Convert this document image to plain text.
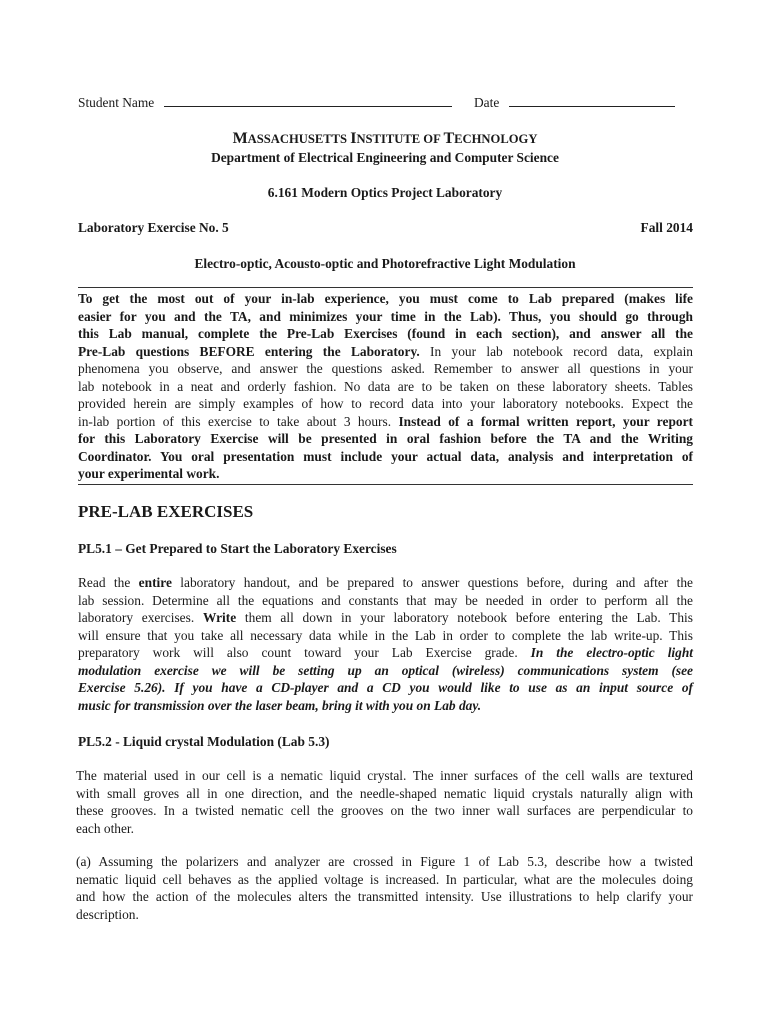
Student Name	Date
MASSACHUSETTS INSTITUTE OF TECHNOLOGY
Department of Electrical Engineering and Computer Science
6.161 Modern Optics Project Laboratory
Laboratory Exercise No. 5	Fall 2014
Electro-optic, Acousto-optic and Photorefractive Light Modulation
To get the most out of your in-lab experience, you must come to Lab prepared (makes life
easier for you and the TA, and minimizes your time in the Lab). Thus, you should go through
this Lab manual, complete the Pre-Lab Exercises (found in each section), and answer all the
Pre-Lab questions BEFORE entering the Laboratory. In your lab notebook record data, explain
phenomena you observe, and answer the questions asked. Remember to answer all questions in your
lab notebook in a neat and orderly fashion. No data are to be taken on these laboratory sheets. Tables
provided herein are simply examples of how to record data into your laboratory notebooks. Expect the
in-lab portion of this exercise to take about 3 hours. Instead of a formal written report, your report
for this Laboratory Exercise will be presented in oral fashion before the TA and the Writing
Coordinator. You oral presentation must include your actual data, analysis and interpretation of
your experimental work.
PRE-LAB EXERCISES
PL5.1 – Get Prepared to Start the Laboratory Exercises
Read the entire laboratory handout, and be prepared to answer questions before, during and after the
lab session. Determine all the equations and constants that may be needed in order to perform all the
laboratory exercises. Write them all down in your laboratory notebook before entering the Lab. This
will ensure that you take all necessary data while in the Lab in order to complete the lab write-up. This
preparatory work will also count toward your Lab Exercise grade. In the electro-optic light
modulation exercise we will be setting up an optical (wireless) communications system (see
Exercise 5.26). If you have a CD-player and a CD you would like to use as an input source of
music for transmission over the laser beam, bring it with you on Lab day.
PL5.2 - Liquid crystal Modulation (Lab 5.3)
The material used in our cell is a nematic liquid crystal. The inner surfaces of the cell walls are textured
with small groves all in one direction, and the needle-shaped nematic liquid crystals naturally align with
these grooves. In a twisted nematic cell the grooves on the two inner wall surfaces are perpendicular to
each other.
(a) Assuming the polarizers and analyzer are crossed in Figure 1 of Lab 5.3, describe how a twisted
nematic liquid cell behaves as the applied voltage is increased. In particular, what are the molecules doing
and how the action of the molecules alters the transmitted intensity. Use illustrations to help clarify your
description.
